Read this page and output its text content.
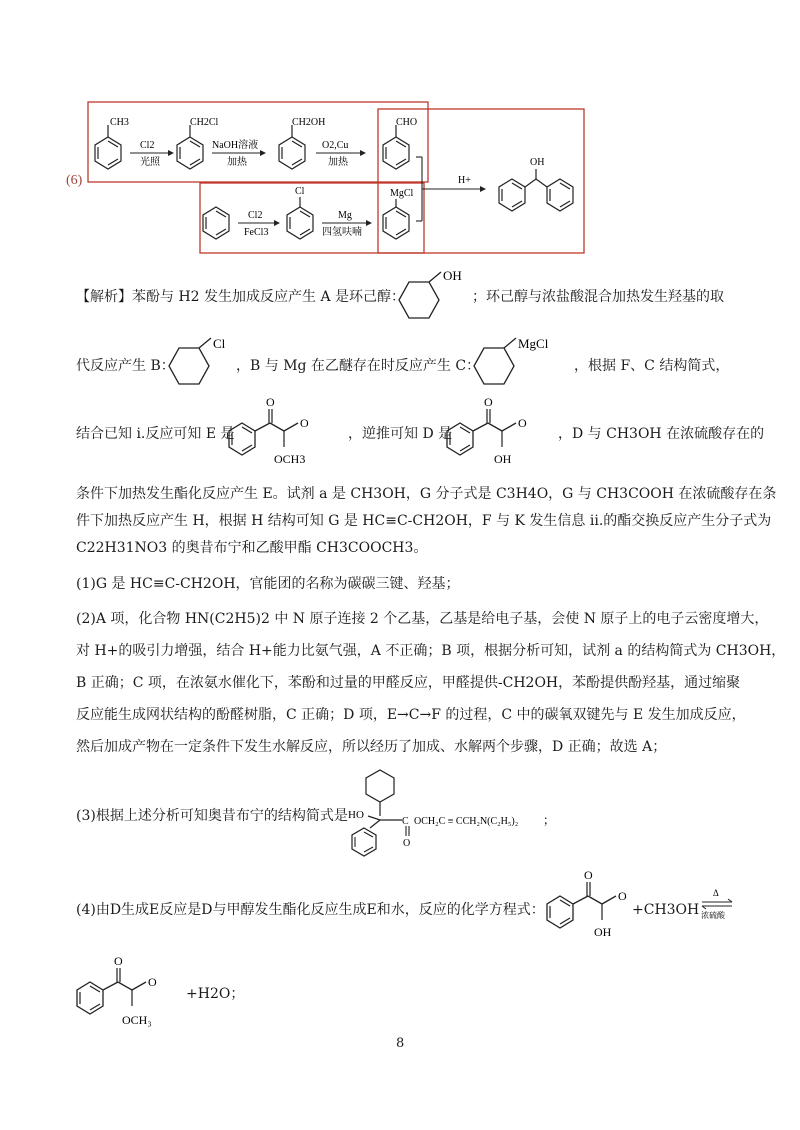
(6)
CH3
Cl2
光照
CH2Cl
NaOH溶液
加热
CH2OH
O2,Cu
加热
CHO
H+
OH
Cl2
FeCl3
Cl
Mg
四氢呋喃
MgCl
【解析】苯酚与 H2 发生加成反应产生 A 是环己醇：
OH
；环己醇与浓盐酸混合加热发生羟基的取
代反应产生 B：
Cl
，B 与 Mg 在乙醚存在时反应产生 C：
MgCl
，根据 F、C 结构简式，
结合已知 i.反应可知 E 是
O
OCH3
O
，逆推可知 D 是
O
OH
O
，D 与 CH3OH 在浓硫酸存在的
条件下加热发生酯化反应产生 E。试剂 a 是 CH3OH，G 分子式是 C3H4O，G 与 CH3COOH 在浓硫酸存在条
件下加热反应产生 H，根据 H 结构可知 G 是 HC≡C-CH2OH，F 与 K 发生信息 ii.的酯交换反应产生分子式为
C22H31NO3 的奥昔布宁和乙酸甲酯 CH3COOCH3。
(1)G 是 HC≡C-CH2OH，官能团的名称为碳碳三键、羟基；
(2)A 项，化合物 HN(C2H5)2 中 N 原子连接 2 个乙基，乙基是给电子基，会使 N 原子上的电子云密度增大，
对 H+的吸引力增强，结合 H+能力比氨气强，A 不正确；B 项，根据分析可知，试剂 a 的结构简式为 CH3OH，
B 正确；C 项，在浓氨水催化下，苯酚和过量的甲醛反应，甲醛提供-CH2OH，苯酚提供酚羟基，通过缩聚
反应能生成网状结构的酚醛树脂，C 正确；D 项，E→C→F 的过程，C 中的碳氧双键先与 E 发生加成反应，
然后加成产物在一定条件下发生水解反应，所以经历了加成、水解两个步骤，D 正确；故选 A；
(3)根据上述分析可知奥昔布宁的结构简式是 HO
C
O
OCH₂C ≡ CCH₂N(C₂H₅)₂ ；
(4)由D生成E反应是D与甲醇发生酯化反应生成E和水，反应的化学方程式：
O
O
OH
+CH3OH
Δ
浓硫酸
O
O
OCH₃
+H2O；
8
